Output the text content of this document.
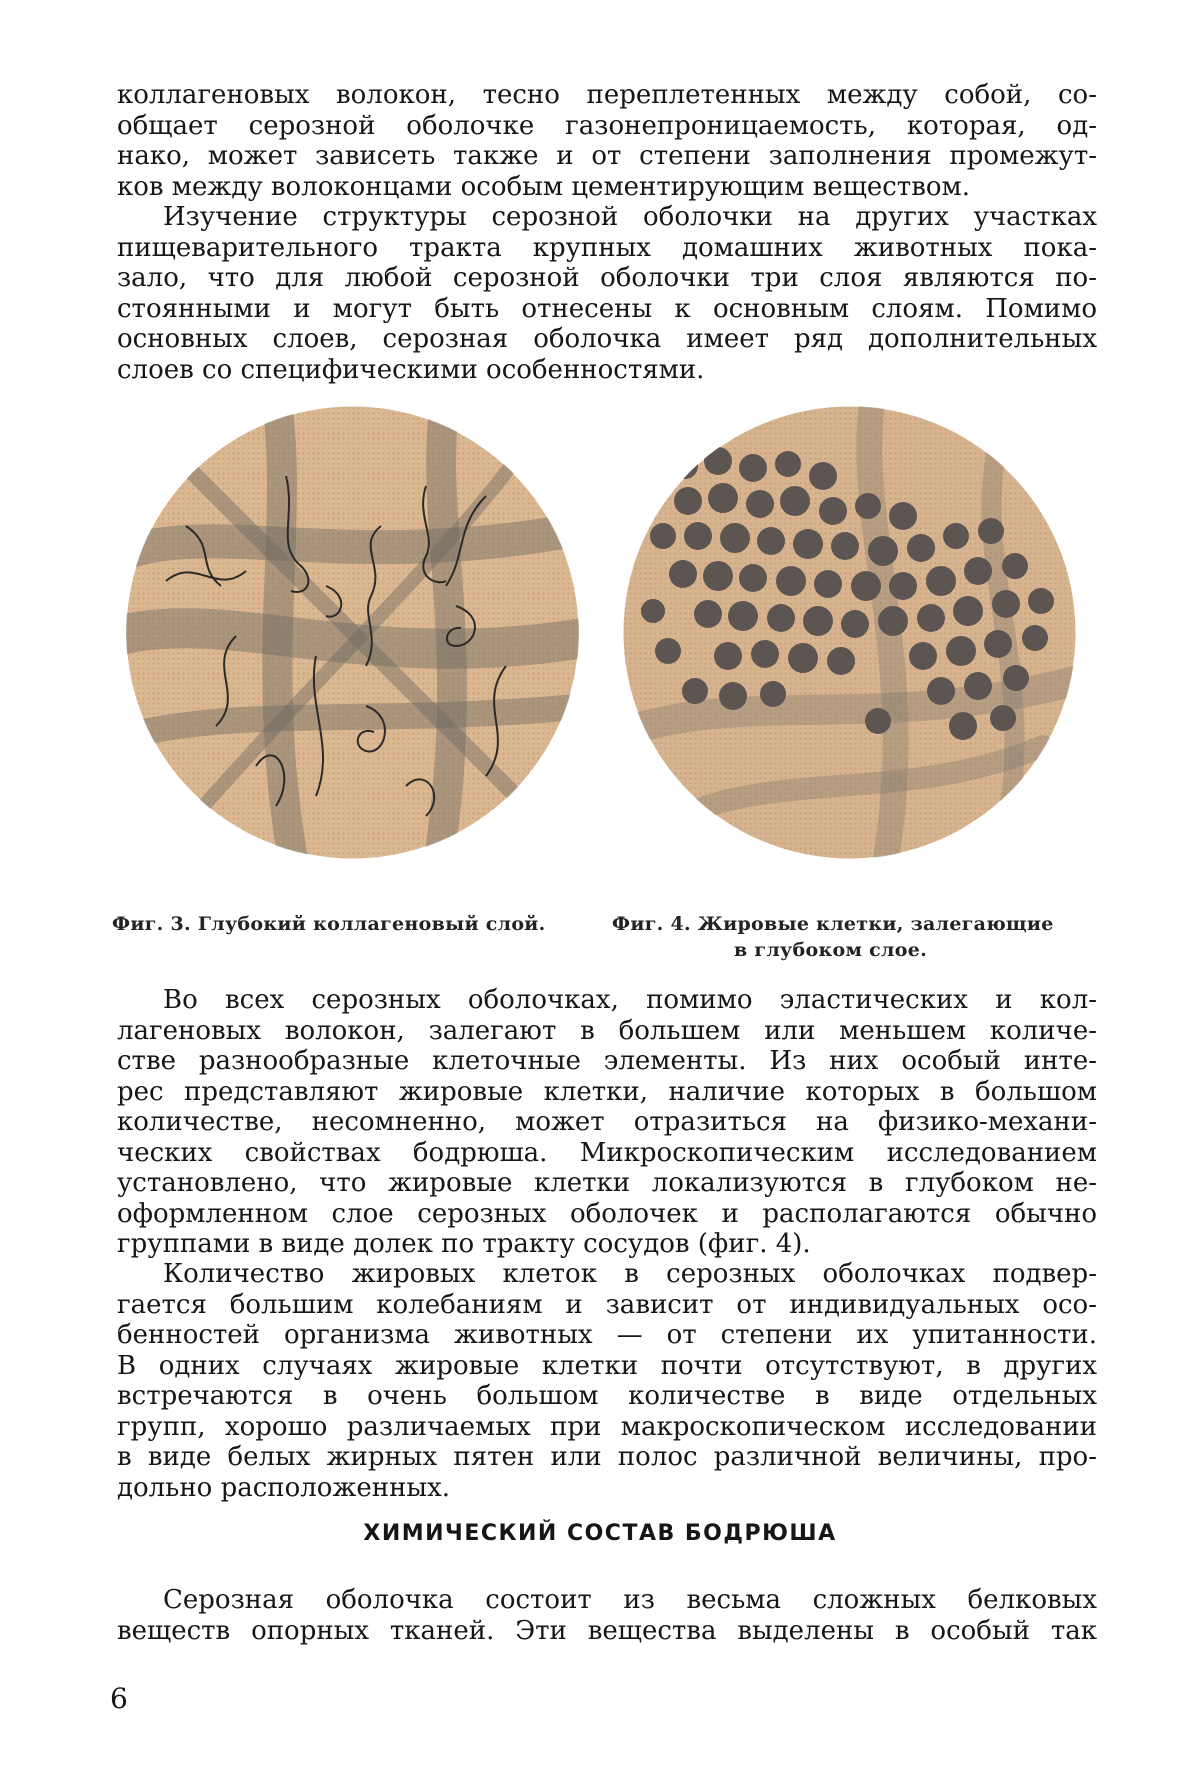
коллагеновых волокон, тесно переплетенных между собой, со-
общает серозной оболочке газонепроницаемость, которая, од-
нако, может зависеть также и от степени заполнения промежут-
ков между волоконцами особым цементирующим веществом.
Изучение структуры серозной оболочки на других участках
пищеварительного тракта крупных домашних животных пока-
зало, что для любой серозной оболочки три слоя являются по-
стоянными и могут быть отнесены к основным слоям. Помимо
основных слоев, серозная оболочка имеет ряд дополнительных
слоев со специфическими особенностями.
Фиг. 3. Глубокий коллагеновый слой.	Фиг. 4. Жировые клетки, залегающие
в глубоком слое.
Во всех серозных оболочках, помимо эластических и кол-
лагеновых волокон, залегают в большем или меньшем количе-
стве разнообразные клеточные элементы. Из них особый инте-
рес представляют жировые клетки, наличие которых в большом
количестве, несомненно, может отразиться на физико-механи-
ческих свойствах бодрюша. Микроскопическим исследованием
установлено, что жировые клетки локализуются в глубоком не-
оформленном слое серозных оболочек и располагаются обычно
группами в виде долек по тракту сосудов (фиг. 4).
Количество жировых клеток в серозных оболочках подвер-
гается большим колебаниям и зависит от индивидуальных осо-
бенностей организма животных — от степени их упитанности.
В одних случаях жировые клетки почти отсутствуют, в других
встречаются в очень большом количестве в виде отдельных
групп, хорошо различаемых при макроскопическом исследовании
в виде белых жирных пятен или полос различной величины, про-
дольно расположенных.
ХИМИЧЕСКИЙ СОСТАВ БОДРЮША
Серозная оболочка состоит из весьма сложных белковых
веществ опорных тканей. Эти вещества выделены в особый так
6
